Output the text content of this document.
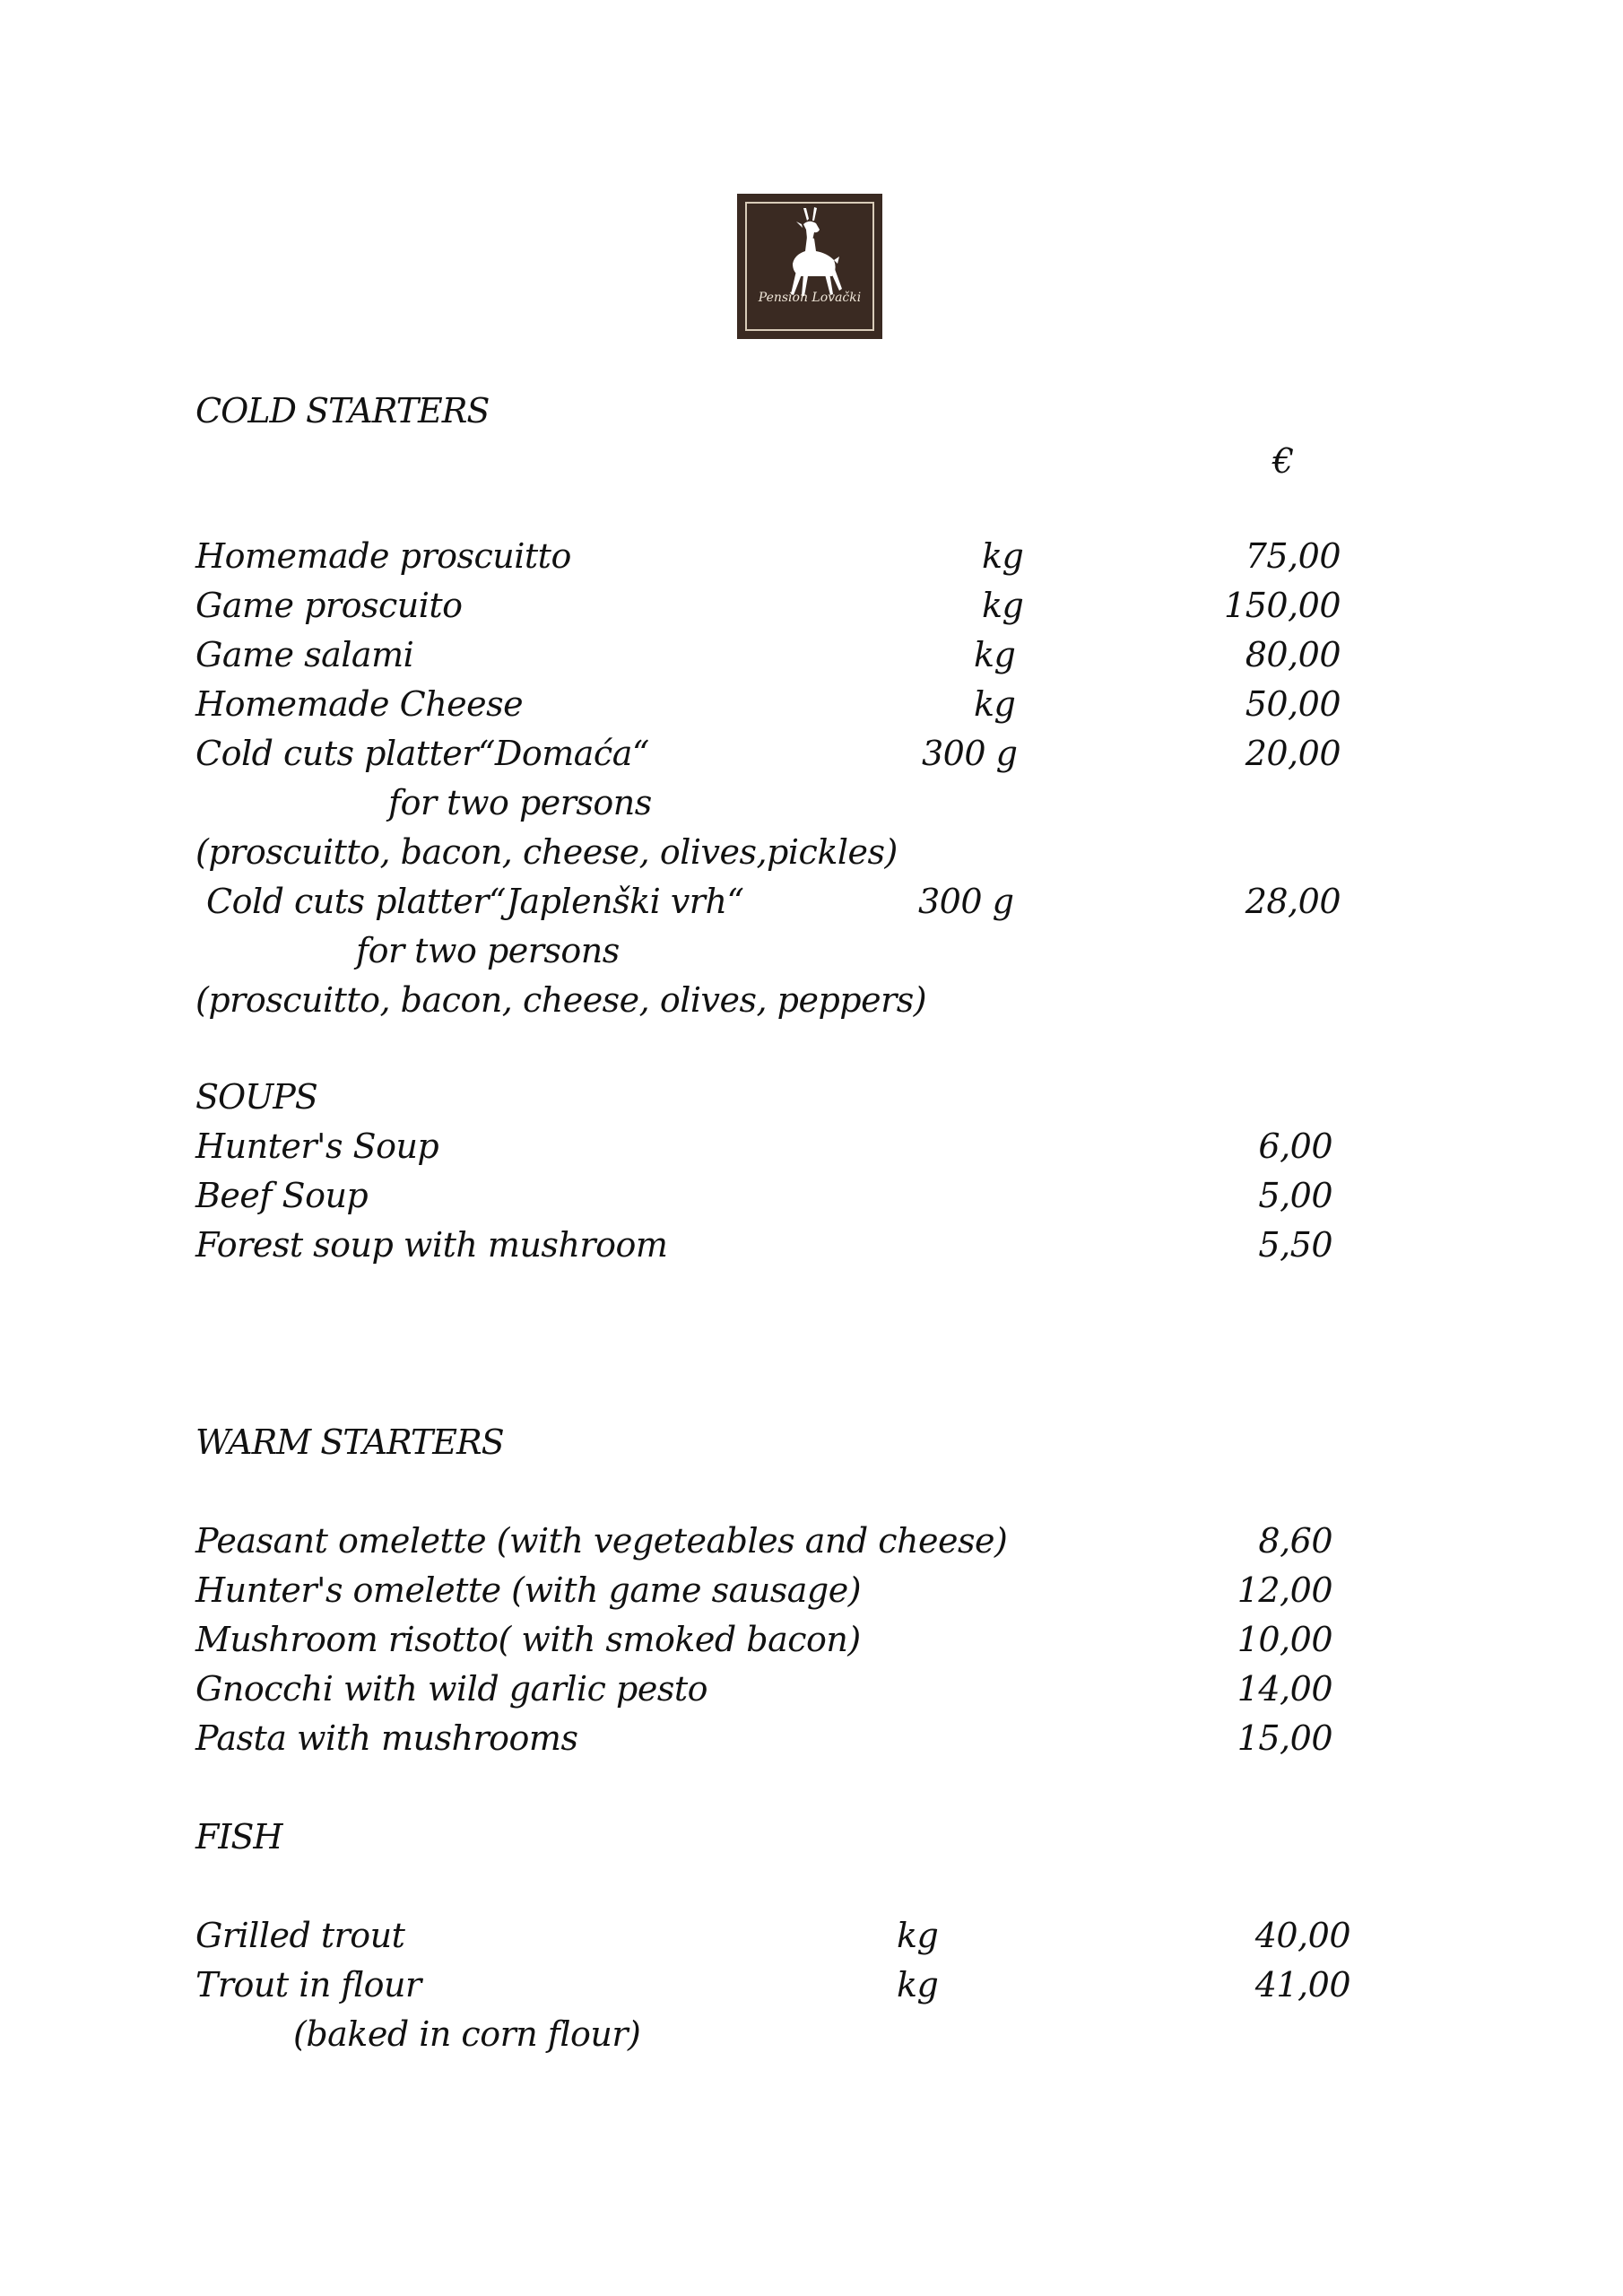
Pension Lovački
COLD STARTERS
€
Homemade proscuitto	kg	75,00
Game proscuito	kg	150,00
Game salami	kg	80,00
Homemade Cheese	kg	50,00
Cold cuts platter“Domaća“	300 g	20,00
for two persons
(proscuitto, bacon, cheese, olives,pickles)
Cold cuts platter“Japlenški vrh“	300 g	28,00
for two persons
(proscuitto, bacon, cheese, olives, peppers)
SOUPS
Hunter's Soup	6,00
Beef Soup	5,00
Forest soup with mushroom	5,50
WARM STARTERS
Peasant omelette (with vegeteables and cheese)	8,60
Hunter's omelette (with game sausage)	12,00
Mushroom risotto( with smoked bacon)	10,00
Gnocchi with wild garlic pesto	14,00
Pasta with mushrooms	15,00
FISH
Grilled trout	kg	40,00
Trout in flour	kg	41,00
(baked in corn flour)
